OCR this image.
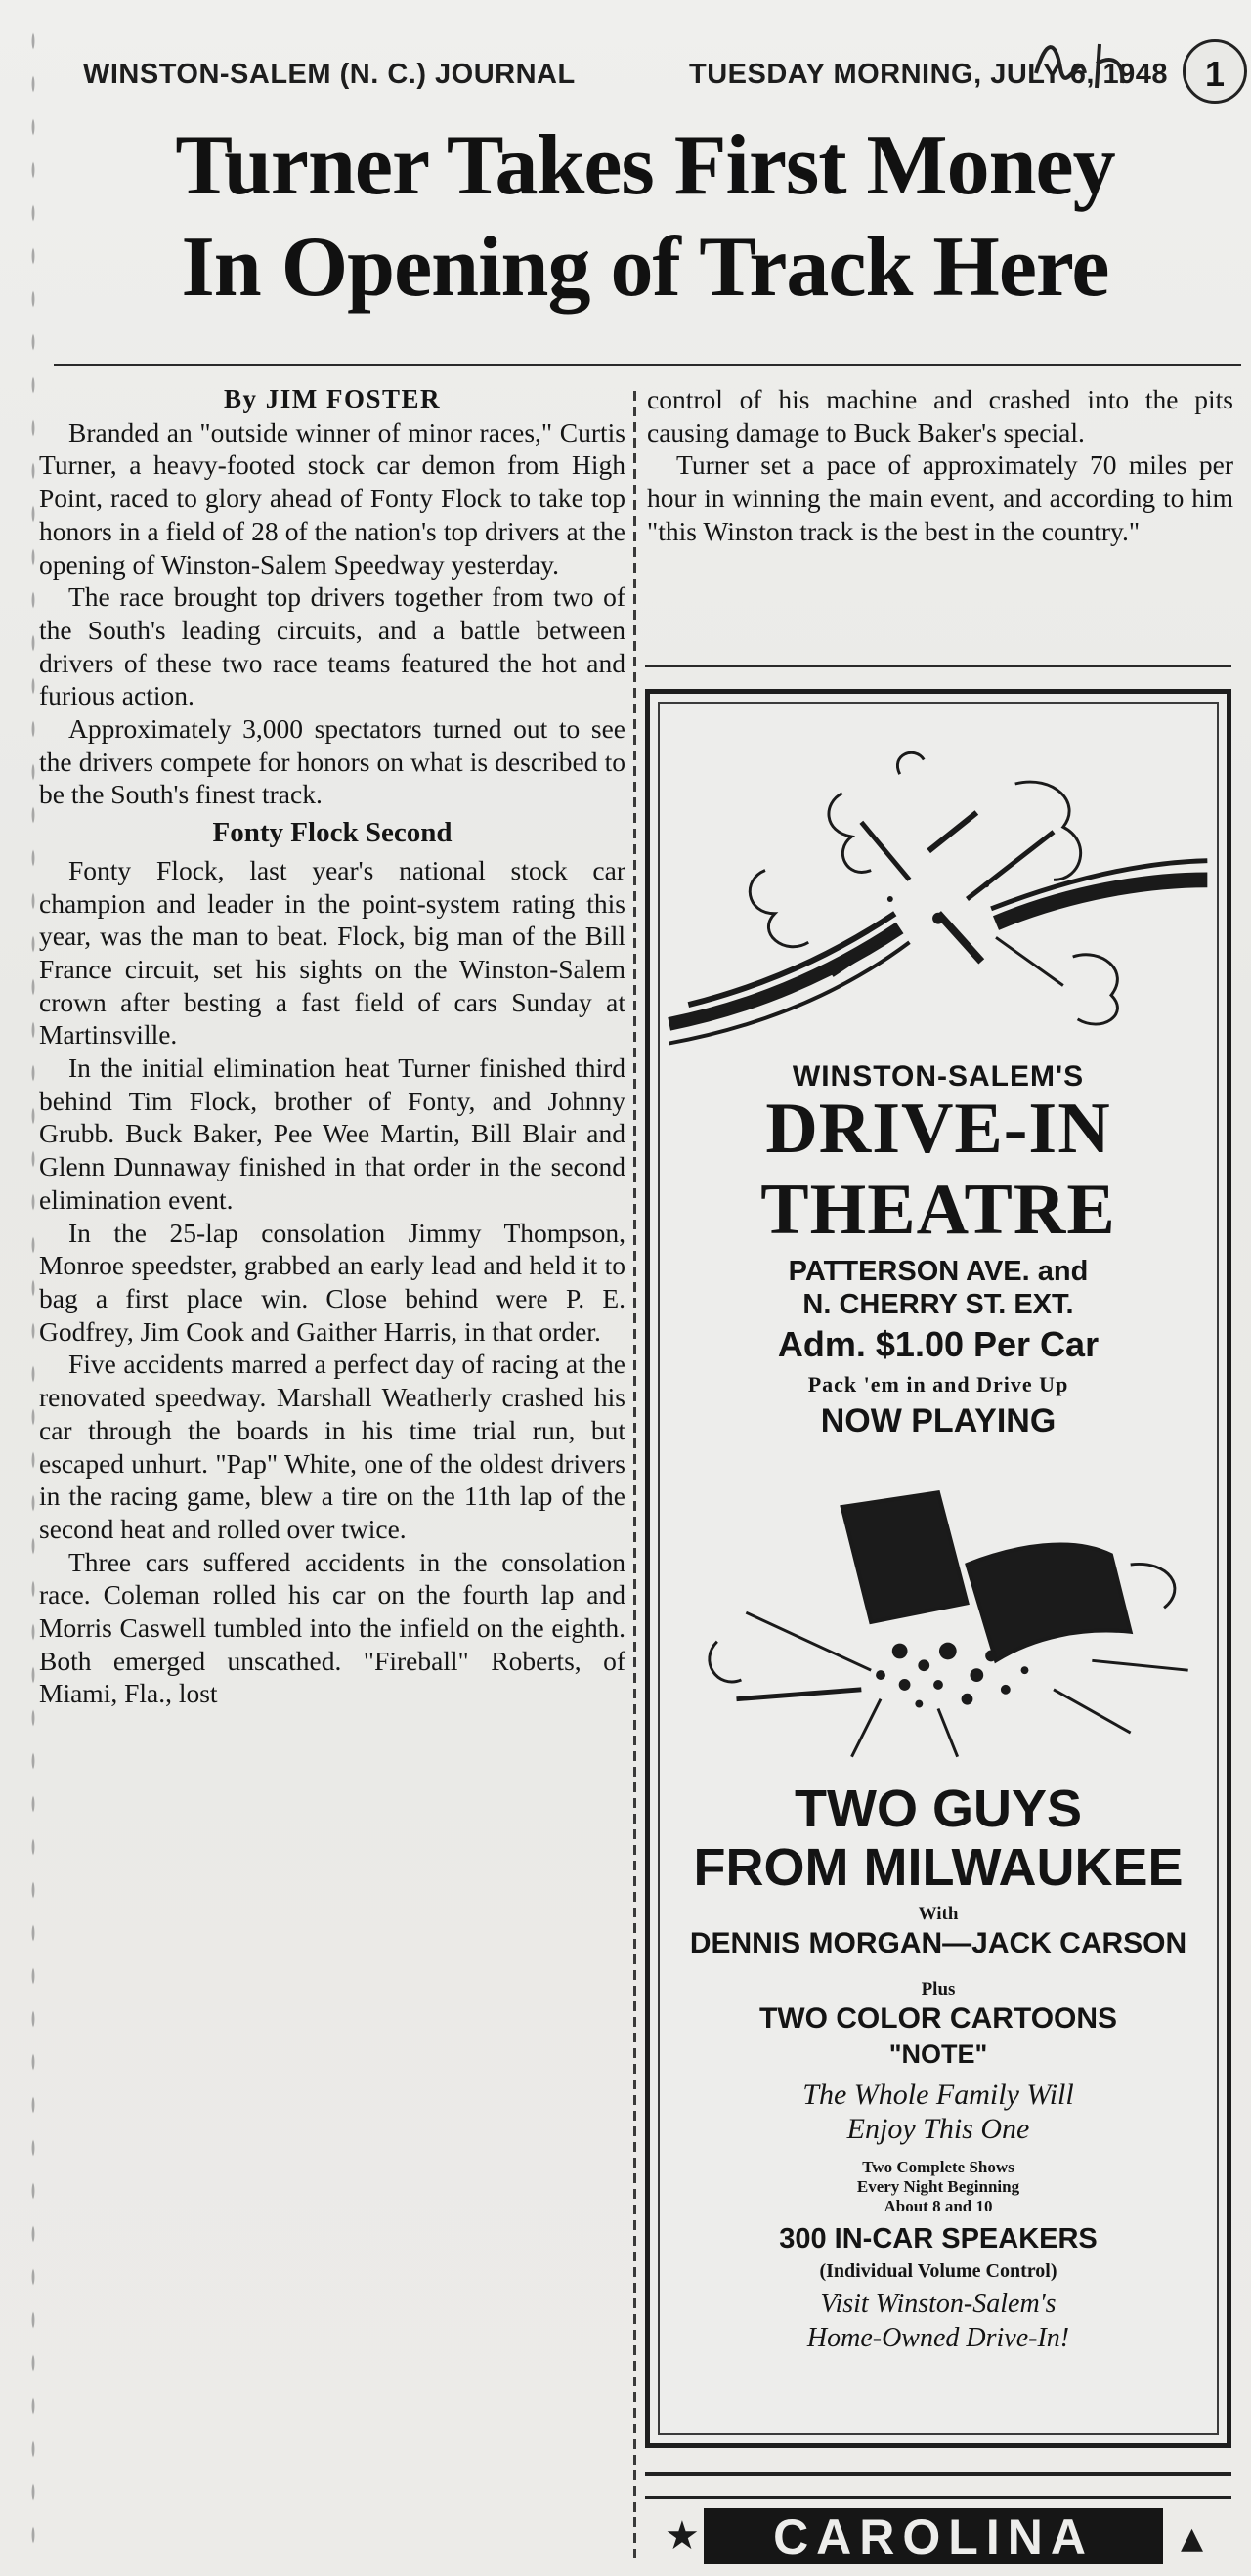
WINSTON-SALEM (N. C.) JOURNAL	TUESDAY MORNING, JULY 6, 1948	1
Turner Takes First Money
In Opening of Track Here

By JIM FOSTER

Branded an "outside winner of minor races," Curtis Turner, a heavy-footed stock car demon from High Point, raced to glory ahead of Fonty Flock to take top honors in a field of 28 of the nation's top drivers at the opening of Winston-Salem Speedway yesterday.

The race brought top drivers together from two of the South's leading circuits, and a battle between drivers of these two race teams featured the hot and furious action.

Approximately 3,000 spectators turned out to see the drivers compete for honors on what is described to be the South's finest track.

Fonty Flock Second

Fonty Flock, last year's national stock car champion and leader in the point-system rating this year, was the man to beat. Flock, big man of the Bill France circuit, set his sights on the Winston-Salem crown after besting a fast field of cars Sunday at Martinsville.

In the initial elimination heat Turner finished third behind Tim Flock, brother of Fonty, and Johnny Grubb. Buck Baker, Pee Wee Martin, Bill Blair and Glenn Dunnaway finished in that order in the second elimination event.

In the 25-lap consolation Jimmy Thompson, Monroe speedster, grabbed an early lead and held it to bag a first place win. Close behind were P. E. Godfrey, Jim Cook and Gaither Harris, in that order.

Five accidents marred a perfect day of racing at the renovated speedway. Marshall Weatherly crashed his car through the boards in his time trial run, but escaped unhurt. "Pap" White, one of the oldest drivers in the racing game, blew a tire on the 11th lap of the second heat and rolled over twice.

Three cars suffered accidents in the consolation race. Coleman rolled his car on the fourth lap and Morris Caswell tumbled into the infield on the eighth. Both emerged unscathed. "Fireball" Roberts, of Miami, Fla., lost

control of his machine and crashed into the pits causing damage to Buck Baker's special.

Turner set a pace of approximately 70 miles per hour in winning the main event, and according to him "this Winston track is the best in the country."

WINSTON-SALEM'S
DRIVE-IN
THEATRE
PATTERSON AVE. and
N. CHERRY ST. EXT.
Adm. $1.00 Per Car
Pack 'em in and Drive Up
NOW PLAYING
TWO GUYS
FROM MILWAUKEE
With
DENNIS MORGAN—JACK CARSON
Plus
TWO COLOR CARTOONS
"NOTE"
The Whole Family Will
Enjoy This One
Two Complete Shows
Every Night Beginning
About 8 and 10
300 IN-CAR SPEAKERS
(Individual Volume Control)
Visit Winston-Salem's
Home-Owned Drive-In!
★	CAROLINA	▲
